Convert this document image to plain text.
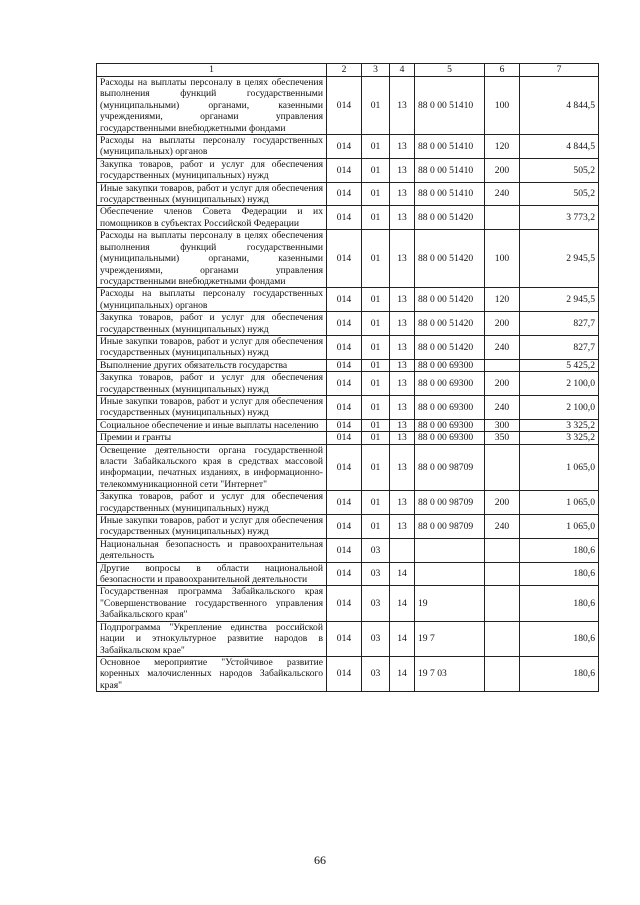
1	2	3	4	5	6	7
Расходы на выплаты персоналу в целях обеспечения выполнения функций государственными (муниципальными) органами, казенными учреждениями, органами управления государственными внебюджетными фондами	014	01	13	88 0 00 51410	100	4 844,5
Расходы на выплаты персоналу государственных (муниципальных) органов	014	01	13	88 0 00 51410	120	4 844,5
Закупка товаров, работ и услуг для обеспечения государственных (муниципальных) нужд	014	01	13	88 0 00 51410	200	505,2
Иные закупки товаров, работ и услуг для обеспечения государственных (муниципальных) нужд	014	01	13	88 0 00 51410	240	505,2
Обеспечение членов Совета Федерации и их помощников в субъектах Российской Федерации	014	01	13	88 0 00 51420		3 773,2
Расходы на выплаты персоналу в целях обеспечения выполнения функций государственными (муниципальными) органами, казенными учреждениями, органами управления государственными внебюджетными фондами	014	01	13	88 0 00 51420	100	2 945,5
Расходы на выплаты персоналу государственных (муниципальных) органов	014	01	13	88 0 00 51420	120	2 945,5
Закупка товаров, работ и услуг для обеспечения государственных (муниципальных) нужд	014	01	13	88 0 00 51420	200	827,7
Иные закупки товаров, работ и услуг для обеспечения государственных (муниципальных) нужд	014	01	13	88 0 00 51420	240	827,7
Выполнение других обязательств государства	014	01	13	88 0 00 69300		5 425,2
Закупка товаров, работ и услуг для обеспечения государственных (муниципальных) нужд	014	01	13	88 0 00 69300	200	2 100,0
Иные закупки товаров, работ и услуг для обеспечения государственных (муниципальных) нужд	014	01	13	88 0 00 69300	240	2 100,0
Социальное обеспечение и иные выплаты населению	014	01	13	88 0 00 69300	300	3 325,2
Премии и гранты	014	01	13	88 0 00 69300	350	3 325,2
Освещение деятельности органа государственной власти Забайкальского края в средствах массовой информации, печатных изданиях, в информационно-телекоммуникационной сети "Интернет"	014	01	13	88 0 00 98709		1 065,0
Закупка товаров, работ и услуг для обеспечения государственных (муниципальных) нужд	014	01	13	88 0 00 98709	200	1 065,0
Иные закупки товаров, работ и услуг для обеспечения государственных (муниципальных) нужд	014	01	13	88 0 00 98709	240	1 065,0
Национальная безопасность и правоохранительная деятельность	014	03				180,6
Другие вопросы в области национальной безопасности и правоохранительной деятельности	014	03	14			180,6
Государственная программа Забайкальского края "Совершенствование государственного управления Забайкальского края"	014	03	14	19		180,6
Подпрограмма "Укрепление единства российской нации и этнокультурное развитие народов в Забайкальском крае"	014	03	14	19 7		180,6
Основное мероприятие "Устойчивое развитие коренных малочисленных народов Забайкальского края"	014	03	14	19 7 03		180,6
66
